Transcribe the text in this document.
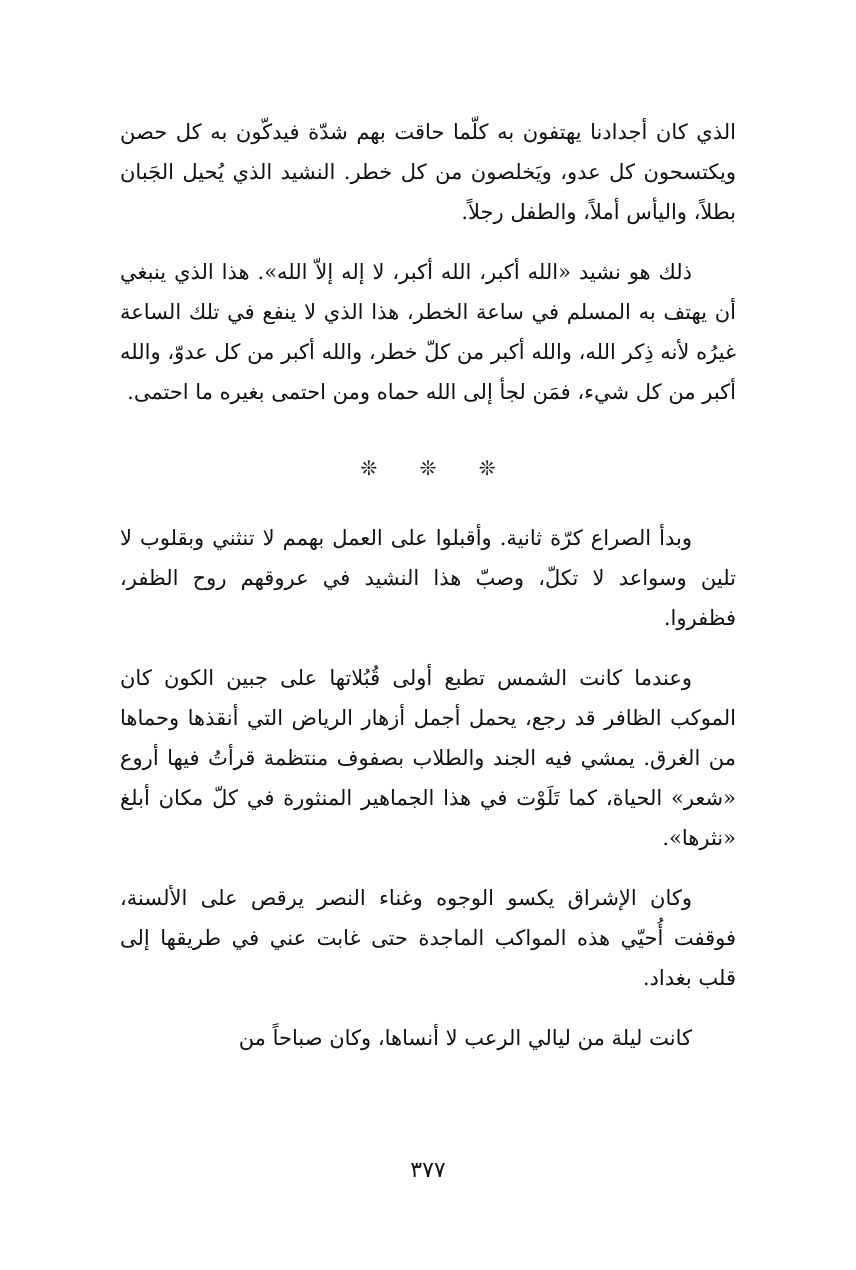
الذي كان أجدادنا يهتفون به كلّما حاقت بهم شدّة فيدكّون به كل حصن ويكتسحون كل عدو، ويَخلصون من كل خطر. النشيد الذي يُحيل الجَبان بطلاً، واليأس أملاً، والطفل رجلاً.

ذلك هو نشيد «الله أكبر، الله أكبر، لا إله إلاّ الله». هذا الذي ينبغي أن يهتف به المسلم في ساعة الخطر، هذا الذي لا ينفع في تلك الساعة غيرُه لأنه ذِكر الله، والله أكبر من كلّ خطر، والله أكبر من كل عدوّ، والله أكبر من كل شيء، فمَن لجأ إلى الله حماه ومن احتمى بغيره ما احتمى.

❊ ❊ ❊

وبدأ الصراع كرّة ثانية. وأقبلوا على العمل بهمم لا تنثني وبقلوب لا تلين وسواعد لا تكلّ، وصبّ هذا النشيد في عروقهم روح الظفر، فظفروا.

وعندما كانت الشمس تطبع أولى قُبُلاتها على جبين الكون كان الموكب الظافر قد رجع، يحمل أجمل أزهار الرياض التي أنقذها وحماها من الغرق. يمشي فيه الجند والطلاب بصفوف منتظمة قرأتُ فيها أروع «شعر» الحياة، كما تَلَوْت في هذا الجماهير المنثورة في كلّ مكان أبلغ «نثرها».

وكان الإشراق يكسو الوجوه وغناء النصر يرقص على الألسنة، فوقفت أُحيّي هذه المواكب الماجدة حتى غابت عني في طريقها إلى قلب بغداد.

كانت ليلة من ليالي الرعب لا أنساها، وكان صباحاً من

٣٧٧
